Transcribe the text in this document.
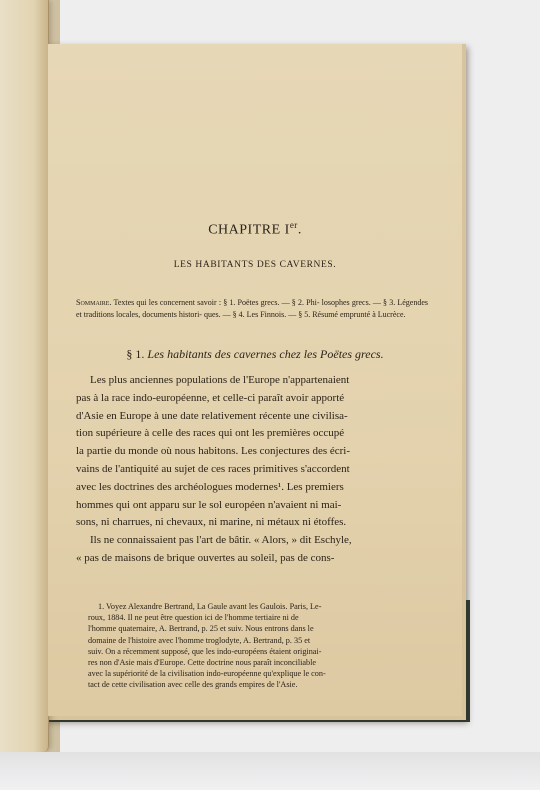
CHAPITRE Ier.
LES HABITANTS DES CAVERNES.
Sommaire. Textes qui les concernent savoir : § 1. Poëtes grecs. — § 2. Phi- losophes grecs. — § 3. Légendes et traditions locales, documents histori- ques. — § 4. Les Finnois. — § 5. Résumé emprunté à Lucrèce.
§ 1. Les habitants des cavernes chez les Poëtes grecs.
Les plus anciennes populations de l'Europe n'appartenaient
pas à la race indo-européenne, et celle-ci paraît avoir apporté
d'Asie en Europe à une date relativement récente une civilisa-
tion supérieure à celle des races qui ont les premières occupé
la partie du monde où nous habitons. Les conjectures des écri-
vains de l'antiquité au sujet de ces races primitives s'accordent
avec les doctrines des archéologues modernes¹. Les premiers
hommes qui ont apparu sur le sol européen n'avaient ni mai-
sons, ni charrues, ni chevaux, ni marine, ni métaux ni étoffes.
Ils ne connaissaient pas l'art de bâtir. « Alors, » dit Eschyle,
« pas de maisons de brique ouvertes au soleil, pas de cons-
1. Voyez Alexandre Bertrand, La Gaule avant les Gaulois. Paris, Le-
roux, 1884. Il ne peut être question ici de l'homme tertiaire ni de
l'homme quaternaire, A. Bertrand, p. 25 et suiv. Nous entrons dans le
domaine de l'histoire avec l'homme troglodyte, A. Bertrand, p. 35 et
suiv. On a récemment supposé, que les indo-européens étaient originai-
res non d'Asie mais d'Europe. Cette doctrine nous paraît inconciliable
avec la supériorité de la civilisation indo-européenne qu'explique le con-
tact de cette civilisation avec celle des grands empires de l'Asie.
